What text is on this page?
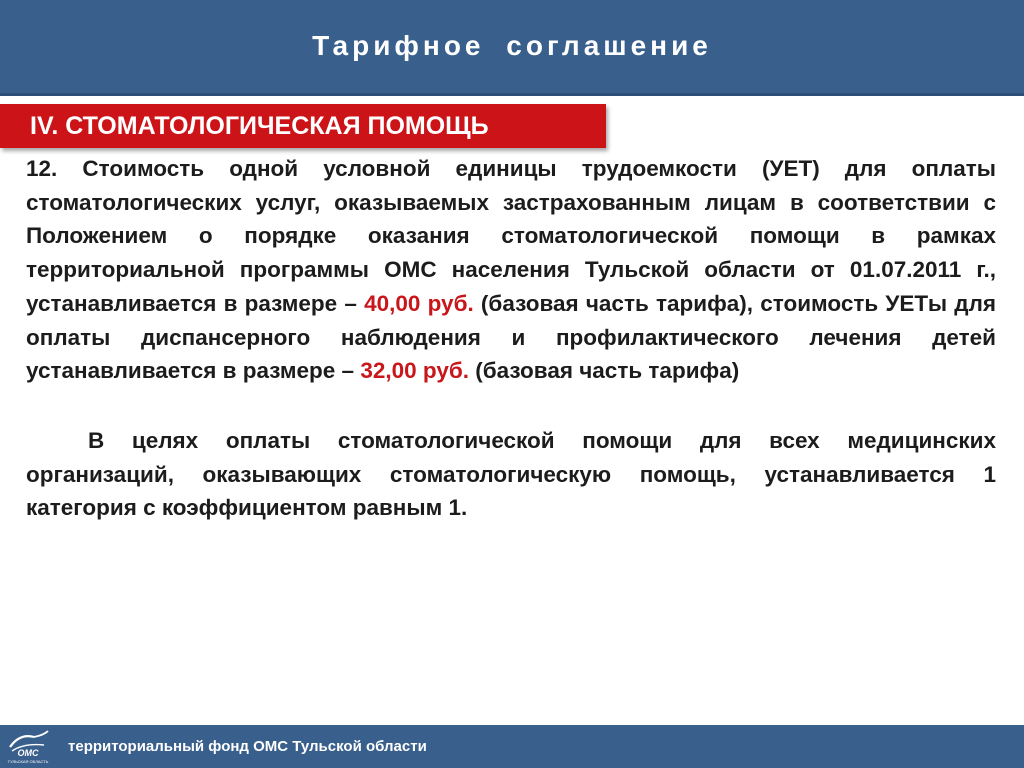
Тарифное соглашение
IV. СТОМАТОЛОГИЧЕСКАЯ ПОМОЩЬ

12. Стоимость одной условной единицы трудоемкости (УЕТ) для оплаты стоматологических услуг, оказываемых застрахованным лицам в соответствии с Положением о порядке оказания стоматологической помощи в рамках территориальной программы ОМС населения Тульской области от 01.07.2011 г., устанавливается в размере – 40,00 руб. (базовая часть тарифа), стоимость УЕТы для оплаты диспансерного наблюдения и профилактического лечения детей устанавливается в размере – 32,00 руб. (базовая часть тарифа)

В целях оплаты стоматологической помощи для всех медицинских организаций, оказывающих стоматологическую помощь, устанавливается 1 категория с коэффициентом равным 1.

ОМС
ТУЛЬСКАЯ ОБЛАСТЬ
территориальный фонд ОМС Тульской области
